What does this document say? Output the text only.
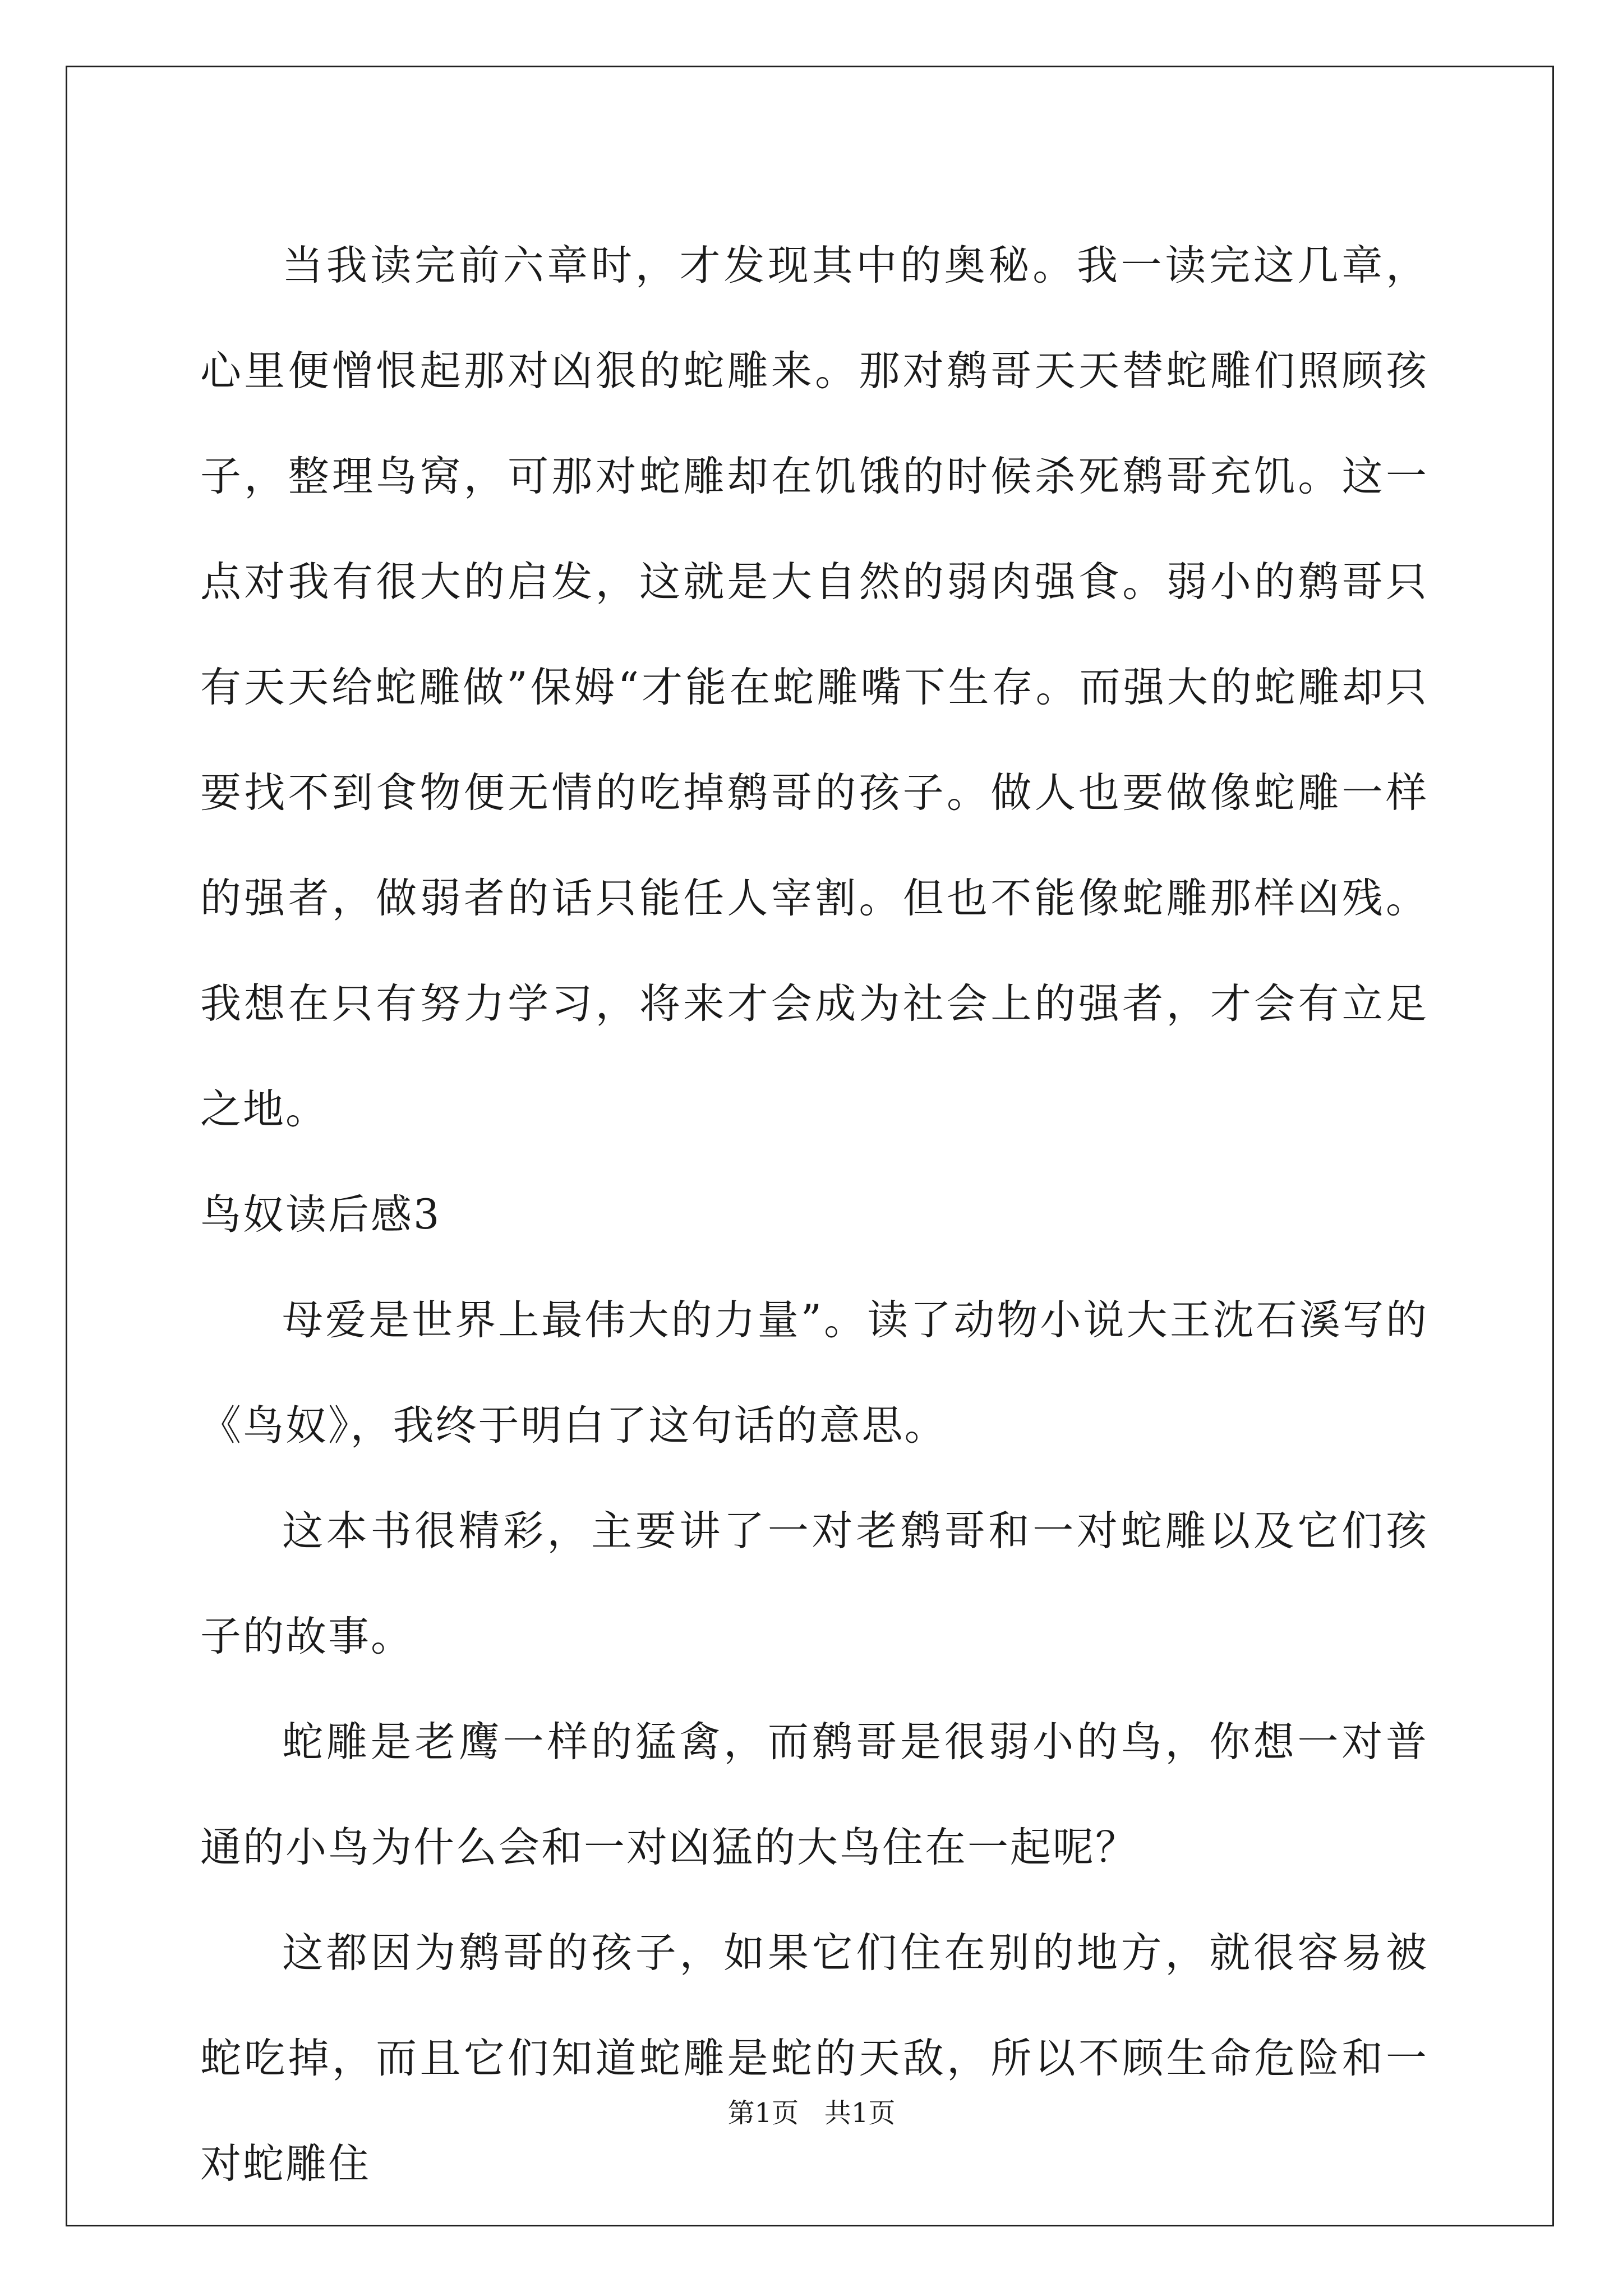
当我读完前六章时，才发现其中的奥秘。我一读完这几章，心里便憎恨起那对凶狠的蛇雕来。那对鹩哥天天替蛇雕们照顾孩子，整理鸟窝，可那对蛇雕却在饥饿的时候杀死鹩哥充饥。这一点对我有很大的启发，这就是大自然的弱肉强食。弱小的鹩哥只有天天给蛇雕做”保姆“才能在蛇雕嘴下生存。而强大的蛇雕却只要找不到食物便无情的吃掉鹩哥的孩子。做人也要做像蛇雕一样的强者，做弱者的话只能任人宰割。但也不能像蛇雕那样凶残。我想在只有努力学习，将来才会成为社会上的强者，才会有立足之地。

鸟奴读后感3

母爱是世界上最伟大的力量”。读了动物小说大王沈石溪写的《鸟奴》，我终于明白了这句话的意思。

这本书很精彩，主要讲了一对老鹩哥和一对蛇雕以及它们孩子的故事。

蛇雕是老鹰一样的猛禽，而鹩哥是很弱小的鸟，你想一对普通的小鸟为什么会和一对凶猛的大鸟住在一起呢？

这都因为鹩哥的孩子，如果它们住在别的地方，就很容易被蛇吃掉，而且它们知道蛇雕是蛇的天敌，所以不顾生命危险和一对蛇雕住

第1页 共1页
